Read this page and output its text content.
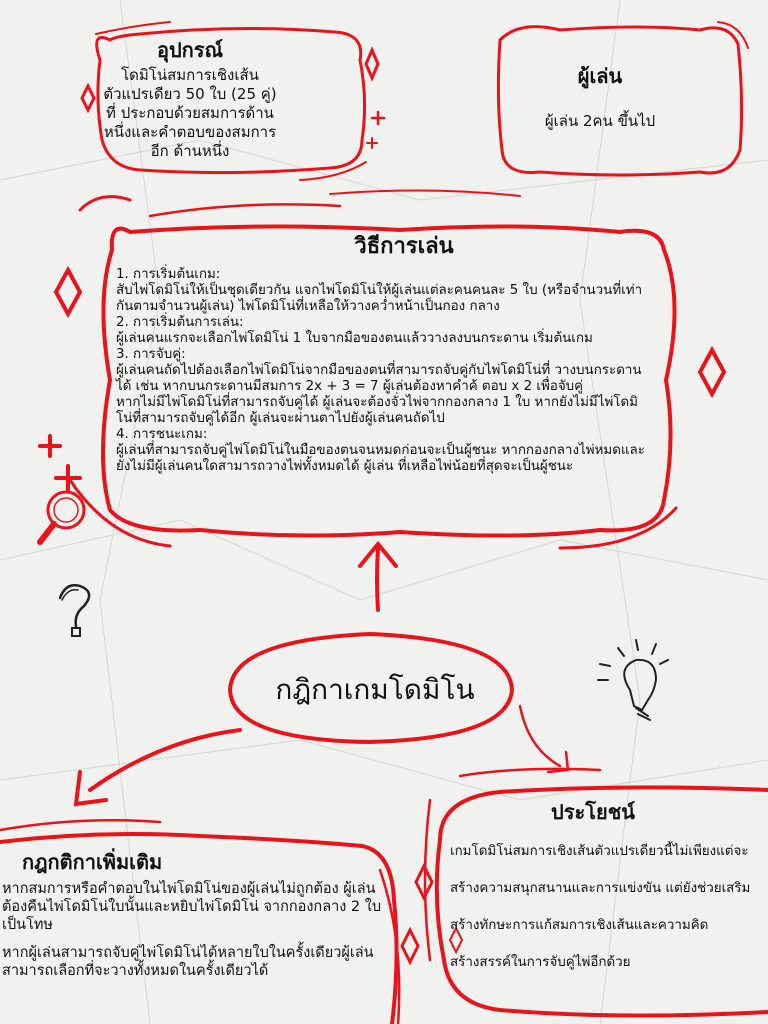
อุปกรณ์
โดมิโน่สมการเชิงเส้นตัวแปรเดียว 50 ใบ (25 คู่) ที่ ประกอบด้วยสมการด้านหนึ่งและคำตอบของสมการอีก ด้านหนึ่ง
ผู้เล่น
ผู้เล่น 2คน ขึ้นไป
วิธีการเล่น
1. การเริ่มต้นเกม:
สับไพ่โดมิโน่ให้เป็นชุดเดียวกัน แจกไพ่โดมิโน่ให้ผู้เล่นแต่ละคนคนละ 5 ใบ (หรือจำนวนที่เท่ากันตามจำนวนผู้เล่น) ไพ่โดมิโน่ที่เหลือให้วางคว่ำหน้าเป็นกอง กลาง
2. การเริ่มต้นการเล่น:
ผู้เล่นคนแรกจะเลือกไพ่โดมิโน่ 1 ใบจากมือของตนแล้ววางลงบนกระดาน เริ่มต้นเกม
3. การจับคู่:
ผู้เล่นคนถัดไปต้องเลือกไพ่โดมิโน่จากมือของตนที่สามารถจับคู่กับไพ่โดมิโน่ที่ วางบนกระดานได้ เช่น หากบนกระดานมีสมการ 2x + 3 = 7 ผู้เล่นต้องหาคำค้ ตอบ x 2 เพื่อจับคู่
หากไม่มีไพ่โดมิโน่ที่สามารถจับคู่ได้ ผู้เล่นจะต้องจั่วไพ่จากกองกลาง 1 ใบ หากยังไม่มีไพ่โดมิโน่ที่สามารถจับคู่ได้อีก ผู้เล่นจะผ่านตาไปยังผู้เล่นคนถัดไป
4. การชนะเกม:
ผู้เล่นที่สามารถจับคู่ไพ่โดมิโน่ในมือของตนจนหมดก่อนจะเป็นผู้ชนะ หากกองกลางไพ่หมดและยังไม่มีผู้เล่นคนใดสามารถวางไพ่ทั้งหมดได้ ผู้เล่น ที่เหลือไพ่น้อยที่สุดจะเป็นผู้ชนะ
กฎิกาเกมโดมิโน
กฎกติกาเพิ่มเติม

หากสมการหรือคำตอบในไพ่โดมิโน่ของผู้เล่นไม่ถูกต้อง ผู้เล่นต้องคืนไพ่โดมิโน่ใบนั้นและหยิบไพ่โดมิโน่ จากกองกลาง 2 ใบเป็นโทษ

หากผู้เล่นสามารถจับคู่ไพ่โดมิโน่ได้หลายใบในครั้งเดียวผู้เล่นสามารถเลือกที่จะวางทั้งหมดในครั้งเดียวได้

ประโยชน์
เกมโดมิโน่สมการเชิงเส้นตัวแปรเดียวนี้ไม่เพียงแต่จะ
สร้างความสนุกสนานและการแข่งขัน แต่ยังช่วยเสริม
สร้างทักษะการแก้สมการเชิงเส้นและความคิด
สร้างสรรค์ในการจับคู่ไพ่อีกด้วย
